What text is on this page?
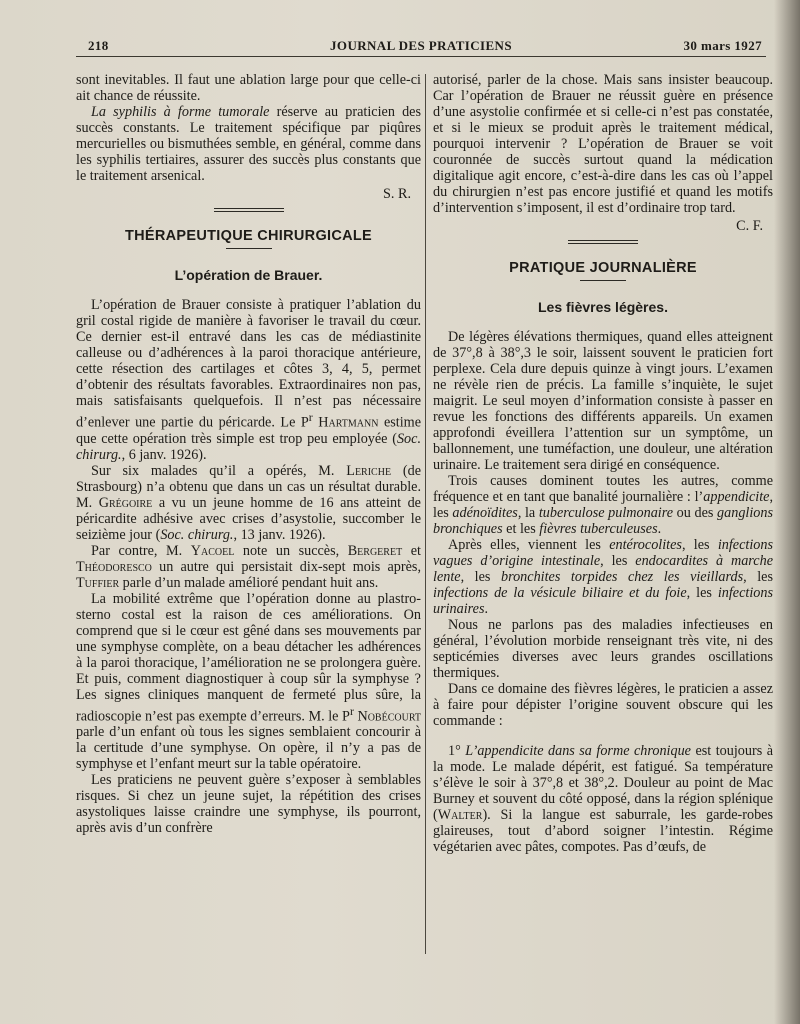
218	JOURNAL DES PRATICIENS	30 mars 1927

sont inevitables. Il faut une ablation large pour que celle-ci ait chance de réussite.

La syphilis à forme tumorale réserve au praticien des succès constants. Le traitement spécifique par piqûres mercurielles ou bismuthées semble, en général, comme dans les syphilis tertiaires, assurer des succès plus constants que le traitement arsenical.

S. R.

THÉRAPEUTIQUE CHIRURGICALE
L’opération de Brauer.

L’opération de Brauer consiste à pratiquer l’ablation du gril costal rigide de manière à favoriser le travail du cœur. Ce dernier est-il entravé dans les cas de médiastinite calleuse ou d’adhérences à la paroi thoracique antérieure, cette résection des cartilages et côtes 3, 4, 5, permet d’obtenir des résultats favorables. Extraordinaires non pas, mais satisfaisants quelquefois. Il n’est pas nécessaire d’enlever une partie du péricarde. Le $P^r$ Hartmann estime que cette opération très simple est trop peu employée (Soc. chirurg., 6 janv. 1926).

Sur six malades qu’il a opérés, M. Leriche (de Strasbourg) n’a obtenu que dans un cas un résultat durable. M. Grégoire a vu un jeune homme de 16 ans atteint de péricardite adhésive avec crises d’asystolie, succomber le seizième jour (Soc. chirurg., 13 janv. 1926).

Par contre, M. Yacoel note un succès, Bergeret et Théodoresco un autre qui persistait dix-sept mois après, Tuffier parle d’un malade amélioré pendant huit ans.

La mobilité extrême que l’opération donne au plastro-sterno costal est la raison de ces améliorations. On comprend que si le cœur est gêné dans ses mouvements par une symphyse complète, on a beau détacher les adhérences à la paroi thoracique, l’amélioration ne se prolongera guère. Et puis, comment diagnostiquer à coup sûr la symphyse ? Les signes cliniques manquent de fermeté plus sûre, la radioscopie n’est pas exempte d’erreurs. M. le $P^r$ Nobécourt parle d’un enfant où tous les signes semblaient concourir à la certitude d’une symphyse. On opère, il n’y a pas de symphyse et l’enfant meurt sur la table opératoire.

Les praticiens ne peuvent guère s’exposer à semblables risques. Si chez un jeune sujet, la répétition des crises asystoliques laisse craindre une symphyse, ils pourront, après avis d’un confrère

autorisé, parler de la chose. Mais sans insister beaucoup. Car l’opération de Brauer ne réussit guère en présence d’une asystolie confirmée et si celle-ci n’est pas constatée, et si le mieux se produit après le traitement médical, pourquoi intervenir ? L’opération de Brauer se voit couronnée de succès surtout quand la médication digitalique agit encore, c’est-à-dire dans les cas où l’appel du chirurgien n’est pas encore justifié et quand les motifs d’intervention s’imposent, il est d’ordinaire trop tard.

C. F.

PRATIQUE JOURNALIÈRE
Les fièvres légères.

De légères élévations thermiques, quand elles atteignent de 37°,8 à 38°,3 le soir, laissent souvent le praticien fort perplexe. Cela dure depuis quinze à vingt jours. L’examen ne révèle rien de précis. La famille s’inquiète, le sujet maigrit. Le seul moyen d’information consiste à passer en revue les fonctions des différents appareils. Un examen approfondi éveillera l’attention sur un symptôme, un ballonnement, une tuméfaction, une douleur, une altération urinaire. Le traitement sera dirigé en conséquence.

Trois causes dominent toutes les autres, comme fréquence et en tant que banalité journalière : l’appendicite, les adénoïdites, la tuberculose pulmonaire ou des ganglions bronchiques et les fièvres tuberculeuses.

Après elles, viennent les entérocolites, les infections vagues d’origine intestinale, les endocardites à marche lente, les bronchites torpides chez les vieillards, les infections de la vésicule biliaire et du foie, les infections urinaires.

Nous ne parlons pas des maladies infectieuses en général, l’évolution morbide renseignant très vite, ni des septicémies diverses avec leurs grandes oscillations thermiques.

Dans ce domaine des fièvres légères, le praticien a assez à faire pour dépister l’origine souvent obscure qui les commande :

1° L’appendicite dans sa forme chronique est toujours à la mode. Le malade dépérit, est fatigué. Sa température s’élève le soir à 37°,8 et 38°,2. Douleur au point de Mac Burney et souvent du côté opposé, dans la région splénique (Walter). Si la langue est saburrale, les garde-robes glaireuses, tout d’abord soigner l’intestin. Régime végétarien avec pâtes, compotes. Pas d’œufs, de
